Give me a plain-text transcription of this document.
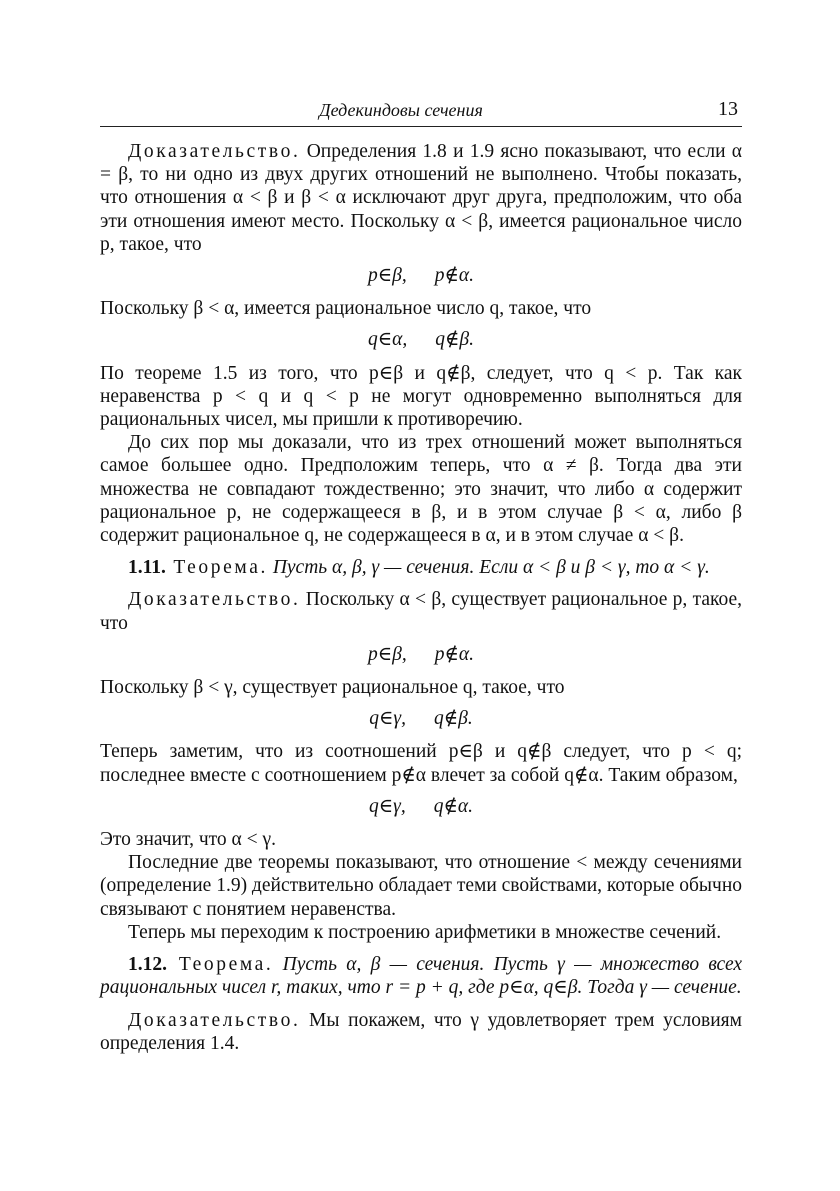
Дедекиндовы сечения	13

Доказательство. Определения 1.8 и 1.9 ясно показывают, что если α = β, то ни одно из двух других отношений не выполнено. Чтобы показать, что отношения α < β и β < α исключают друг друга, предположим, что оба эти отношения имеют место. Поскольку α < β, имеется рациональное число p, такое, что

p∈β, p∉α.

Поскольку β < α, имеется рациональное число q, такое, что

q∈α, q∉β.

По теореме 1.5 из того, что p∈β и q∉β, следует, что q < p. Так как неравенства p < q и q < p не могут одновременно выполняться для рациональных чисел, мы пришли к противоречию.

До сих пор мы доказали, что из трех отношений может выполняться самое большее одно. Предположим теперь, что α ≠ β. Тогда два эти множества не совпадают тождественно; это значит, что либо α содержит рациональное p, не содержащееся в β, и в этом случае β < α, либо β содержит рациональное q, не содержащееся в α, и в этом случае α < β.

1.11. Теорема. Пусть α, β, γ — сечения. Если α < β и β < γ, то α < γ.

Доказательство. Поскольку α < β, существует рациональное p, такое, что

p∈β, p∉α.

Поскольку β < γ, существует рациональное q, такое, что

q∈γ, q∉β.

Теперь заметим, что из соотношений p∈β и q∉β следует, что p < q; последнее вместе с соотношением p∉α влечет за собой q∉α. Таким образом,

q∈γ, q∉α.

Это значит, что α < γ.

Последние две теоремы показывают, что отношение < между сечениями (определение 1.9) действительно обладает теми свойствами, которые обычно связывают с понятием неравенства.

Теперь мы переходим к построению арифметики в множестве сечений.

1.12. Теорема. Пусть α, β — сечения. Пусть γ — множество всех рациональных чисел r, таких, что r = p + q, где p∈α, q∈β. Тогда γ — сечение.

Доказательство. Мы покажем, что γ удовлетворяет трем условиям определения 1.4.
